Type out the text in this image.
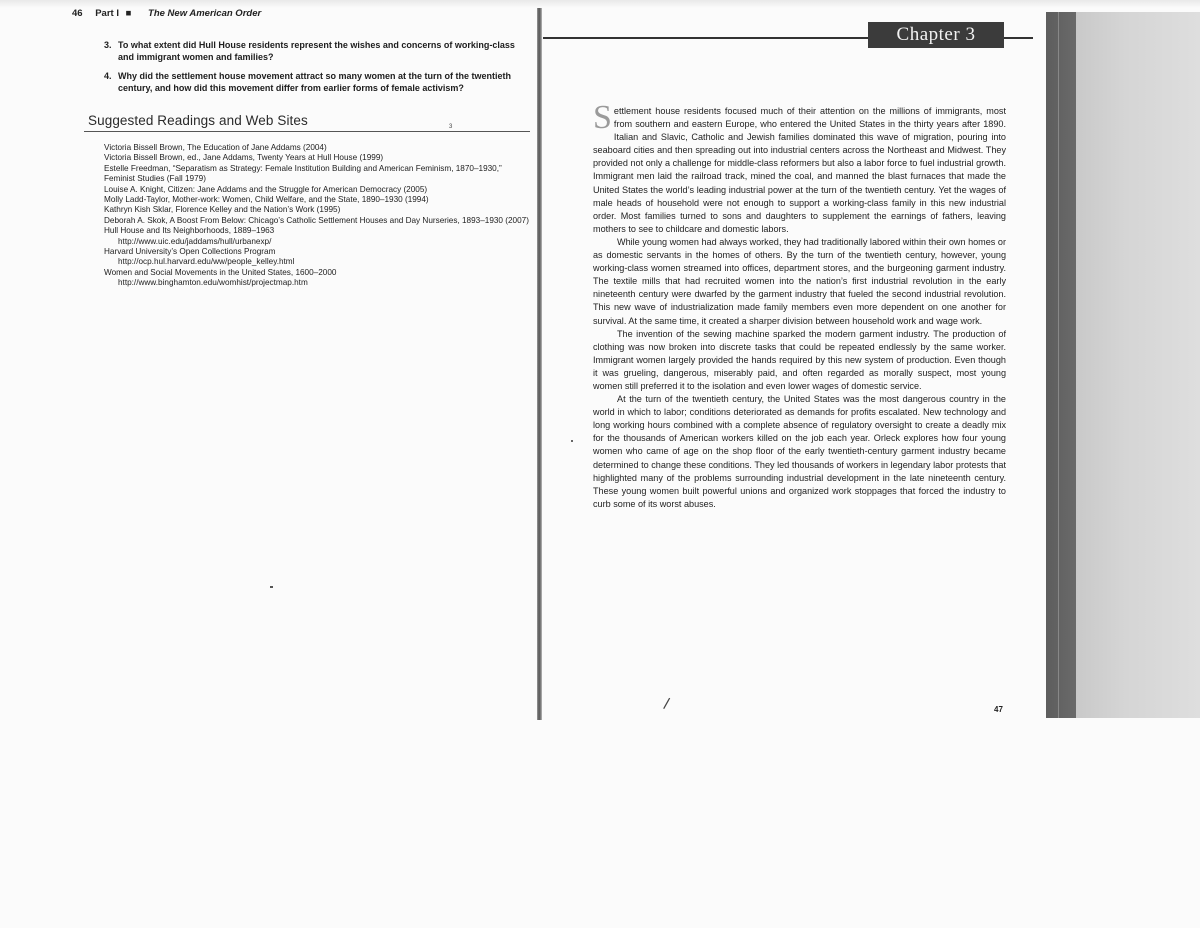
46 Part I ■ The New American Order
3. To what extent did Hull House residents represent the wishes and concerns of working-class and immigrant women and families?
4. Why did the settlement house movement attract so many women at the turn of the twentieth century, and how did this movement differ from earlier forms of female activism?
Suggested Readings and Web Sites	3
Victoria Bissell Brown, The Education of Jane Addams (2004)
Victoria Bissell Brown, ed., Jane Addams, Twenty Years at Hull House (1999)
Estelle Freedman, “Separatism as Strategy: Female Institution Building and American Feminism, 1870–1930,” Feminist Studies (Fall 1979)
Louise A. Knight, Citizen: Jane Addams and the Struggle for American Democracy (2005)
Molly Ladd-Taylor, Mother-work: Women, Child Welfare, and the State, 1890–1930 (1994)
Kathryn Kish Sklar, Florence Kelley and the Nation’s Work (1995)
Deborah A. Skok, A Boost From Below: Chicago’s Catholic Settlement Houses and Day Nurseries, 1893–1930 (2007)
Hull House and Its Neighborhoods, 1889–1963
http://www.uic.edu/jaddams/hull/urbanexp/
Harvard University’s Open Collections Program
http://ocp.hul.harvard.edu/ww/people_kelley.html
Women and Social Movements in the United States, 1600–2000
http://www.binghamton.edu/womhist/projectmap.htm
Chapter 3

Settlement house residents focused much of their attention on the millions of immigrants, most from southern and eastern Europe, who entered the United States in the thirty years after 1890. Italian and Slavic, Catholic and Jewish families dominated this wave of migration, pouring into seaboard cities and then spreading out into industrial centers across the Northeast and Midwest. They provided not only a challenge for middle-class reformers but also a labor force to fuel industrial growth. Immigrant men laid the railroad track, mined the coal, and manned the blast furnaces that made the United States the world’s leading industrial power at the turn of the twentieth century. Yet the wages of male heads of household were not enough to support a working-class family in this new industrial order. Most families turned to sons and daughters to supplement the earnings of fathers, leaving mothers to see to childcare and domestic labors.

While young women had always worked, they had traditionally labored within their own homes or as domestic servants in the homes of others. By the turn of the twentieth century, however, young working-class women streamed into offices, department stores, and the burgeoning garment industry. The textile mills that had recruited women into the nation’s first industrial revolution in the early nineteenth century were dwarfed by the garment industry that fueled the second industrial revolution. This new wave of industrialization made family members even more dependent on one another for survival. At the same time, it created a sharper division between household work and wage work.

The invention of the sewing machine sparked the modern garment industry. The production of clothing was now broken into discrete tasks that could be repeated endlessly by the same worker. Immigrant women largely provided the hands required by this new system of production. Even though it was grueling, dangerous, miserably paid, and often regarded as morally suspect, most young women still preferred it to the isolation and even lower wages of domestic service.

At the turn of the twentieth century, the United States was the most dangerous country in the world in which to labor; conditions deteriorated as demands for profits escalated. New technology and long working hours combined with a complete absence of regulatory oversight to create a deadly mix for the thousands of American workers killed on the job each year. Orleck explores how four young women who came of age on the shop floor of the early twentieth-century garment industry became determined to change these conditions. They led thousands of workers in legendary labor protests that highlighted many of the problems surrounding industrial development in the late nineteenth century. These young women built powerful unions and organized work stoppages that forced the industry to curb some of its worst abuses.

/	47
